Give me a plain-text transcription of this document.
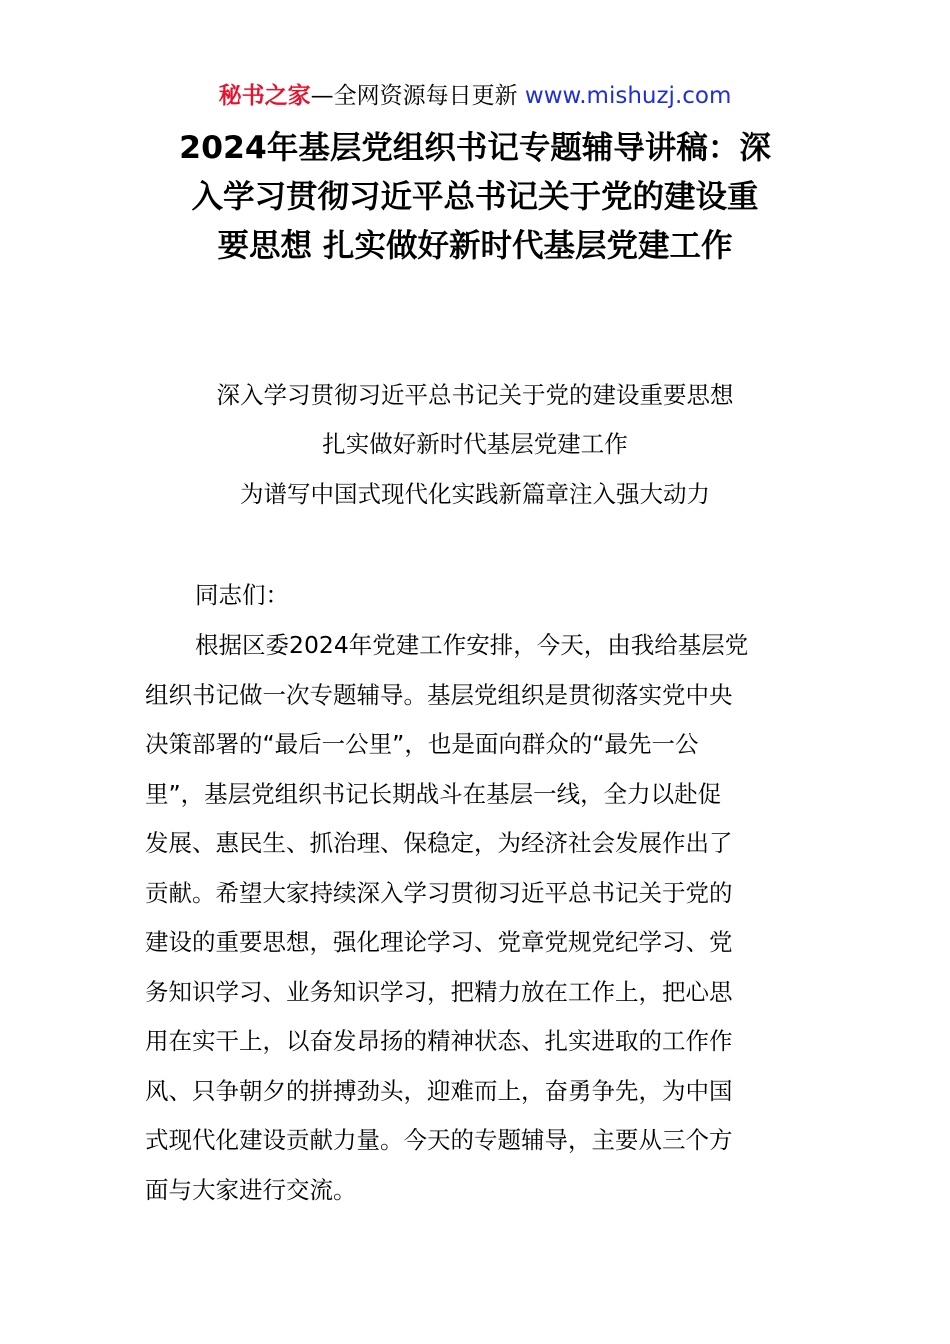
秘书之家—全网资源每日更新 www.mishuzj.com
2024年基层党组织书记专题辅导讲稿：深
入学习贯彻习近平总书记关于党的建设重
要思想 扎实做好新时代基层党建工作
深入学习贯彻习近平总书记关于党的建设重要思想
扎实做好新时代基层党建工作
为谱写中国式现代化实践新篇章注入强大动力
同志们：
根据区委2024年党建工作安排，今天，由我给基层党
组织书记做一次专题辅导。基层党组织是贯彻落实党中央
决策部署的“最后一公里”，也是面向群众的“最先一公
里”，基层党组织书记长期战斗在基层一线，全力以赴促
发展、惠民生、抓治理、保稳定，为经济社会发展作出了
贡献。希望大家持续深入学习贯彻习近平总书记关于党的
建设的重要思想，强化理论学习、党章党规党纪学习、党
务知识学习、业务知识学习，把精力放在工作上，把心思
用在实干上，以奋发昂扬的精神状态、扎实进取的工作作
风、只争朝夕的拼搏劲头，迎难而上，奋勇争先，为中国
式现代化建设贡献力量。今天的专题辅导，主要从三个方
面与大家进行交流。
